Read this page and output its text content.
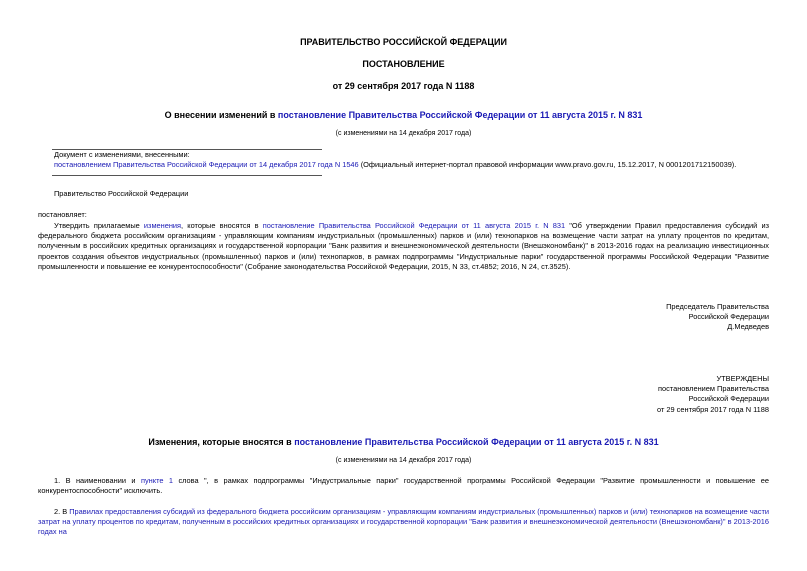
ПРАВИТЕЛЬСТВО РОССИЙСКОЙ ФЕДЕРАЦИИ
ПОСТАНОВЛЕНИЕ
от 29 сентября 2017 года N 1188
О внесении изменений в постановление Правительства Российской Федерации от 11 августа 2015 г. N 831
(с изменениями на 14 декабря 2017 года)

Документ с изменениями, внесенными:

постановлением Правительства Российской Федерации от 14 декабря 2017 года N 1546 (Официальный интернет-портал правовой информации www.pravo.gov.ru, 15.12.2017, N 0001201712150039).

Правительство Российской Федерации
постановляет:
Утвердить прилагаемые изменения, которые вносятся в постановление Правительства Российской Федерации от 11 августа 2015 г. N 831 "Об утверждении Правил предоставления субсидий из федерального бюджета российским организациям - управляющим компаниям индустриальных (промышленных) парков и (или) технопарков на возмещение части затрат на уплату процентов по кредитам, полученным в российских кредитных организациях и государственной корпорации "Банк развития и внешнеэкономической деятельности (Внешэкономбанк)" в 2013-2016 годах на реализацию инвестиционных проектов создания объектов индустриальных (промышленных) парков и (или) технопарков, в рамках подпрограммы "Индустриальные парки" государственной программы Российской Федерации "Развитие промышленности и повышение ее конкурентоспособности" (Собрание законодательства Российской Федерации, 2015, N 33, ст.4852; 2016, N 24, ст.3525).

Председатель Правительства

Российской Федерации

Д.Медведев

УТВЕРЖДЕНЫ

постановлением Правительства

Российской Федерации

от 29 сентября 2017 года N 1188

Изменения, которые вносятся в постановление Правительства Российской Федерации от 11 августа 2015 г. N 831
(с изменениями на 14 декабря 2017 года)
1. В наименовании и пункте 1 слова ", в рамках подпрограммы "Индустриальные парки" государственной программы Российской Федерации "Развитие промышленности и повышение ее конкурентоспособности" исключить.
2. В Правилах предоставления субсидий из федерального бюджета российским организациям - управляющим компаниям индустриальных (промышленных) парков и (или) технопарков на возмещение части затрат на уплату процентов по кредитам, полученным в российских кредитных организациях и государственной корпорации "Банк развития и внешнеэкономической деятельности (Внешэкономбанк)" в 2013-2016 годах на
